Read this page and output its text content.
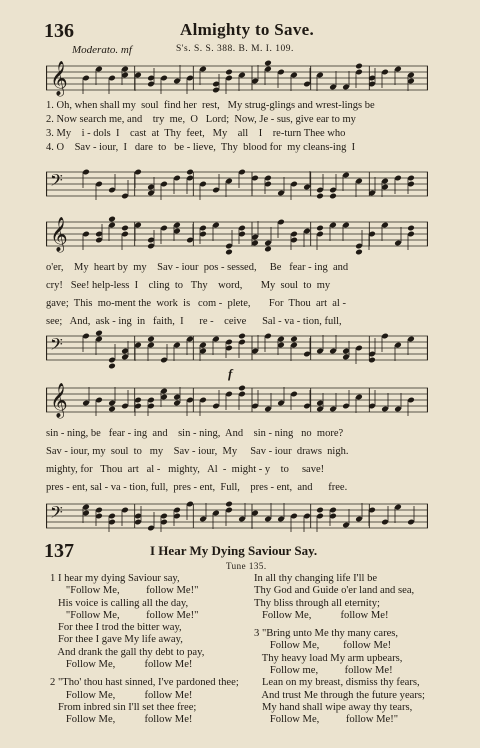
136	Almighty to Save.
Moderato. mf	S's. S. S. 388. B. M. I. 109.
𝄞
1. Oh, when shall my  soul  find her  rest,   My strug-glings and wrest-lings be
2. Now search me, and    try  me,  O   Lord;  Now, Je - sus, give ear to my
3. My    i - dols  I    cast  at  Thy  feet,   My    all    I    re-turn Thee who
4. O    Sav - iour,  I   dare  to   be - lieve,  Thy  blood for  my cleans-ing  I
𝄢
𝄞
o'er,    My  heart by  my    Sav - iour  pos - sessed,     Be   fear - ing  and
cry!   See! help-less  I    cling  to   Thy    word,       My  soul  to  my
gave;  This  mo-ment the  work  is   com -  plete,       For  Thou  art  al -
see;   And,  ask - ing  in   faith,  I      re -    ceive      Sal - va - tion, full,
𝄢
f
𝄞
sin - ning, be   fear - ing  and    sin - ning,  And    sin - ning   no  more?
Sav - iour, my  soul  to   my    Sav - iour,  My     Sav - iour  draws  nigh.
mighty, for   Thou  art   al -   mighty,   Al  -  might - y    to     save!
pres - ent, sal - va - tion, full,  pres - ent,  Full,    pres - ent,  and      free.
𝄢
137	I Hear My Dying Saviour Say.
Tune 135.
1 I hear my dying Saviour say,
"Follow Me,          follow Me!"
His voice is calling all the day,
"Follow Me,          follow Me!"
For thee I trod the bitter way,
For thee I gave My life away,
And drank the gall thy debt to pay,
Follow Me,           follow Me!

2 "Tho' thou hast sinned, I've pardoned thee;
Follow Me,           follow Me!
From inbred sin I'll set thee free;
Follow Me,           follow Me!
In all thy changing life I'll be
Thy God and Guide o'er land and sea,
Thy bliss through all eternity;
Follow Me,           follow Me!

3 "Bring unto Me thy many cares,
Follow Me,         follow Me!
Thy heavy load My arm upbears,
Follow me,          follow Me!
Lean on my breast, dismiss thy fears,
And trust Me through the future years;
My hand shall wipe away thy tears,
Follow Me,          follow Me!"
